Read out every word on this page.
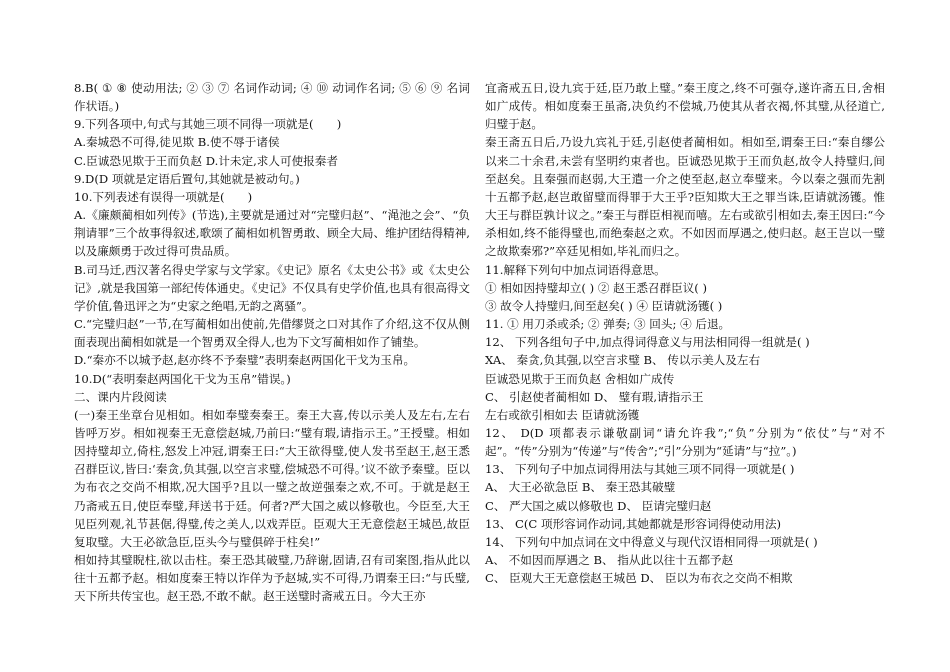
8.B( ① ⑧ 使动用法; ② ③ ⑦ 名词作动词; ④ ⑩ 动词作名词; ⑤ ⑥ ⑨ 名词作状语。)

9.下列各项中,句式与其她三项不同得一项就是(　　)

A.秦城恐不可得,徒见欺 B.使不辱于诸侯

C.臣诚恐见欺于王而负赵 D.计未定,求人可使报秦者

9.D(D 项就是定语后置句,其她就是被动句。)

10.下列表述有误得一项就是(　　)

A.《廉颇蔺相如列传》(节选),主要就是通过对“完璧归赵”、“渑池之会”、“负荆请罪”三个故事得叙述,歌颂了蔺相如机智勇敢、顾全大局、维护团结得精神,以及廉颇勇于改过得可贵品质。

B.司马迁,西汉著名得史学家与文学家。《史记》原名《太史公书》或《太史公记》,就是我国第一部纪传体通史。《史记》不仅具有史学价值,也具有很高得文学价值,鲁迅评之为“史家之绝唱,无韵之离骚”。

C.“完璧归赵”一节,在写蔺相如出使前,先借缪贤之口对其作了介绍,这不仅从侧面表现出蔺相如就是一个智勇双全得人,也为下文写蔺相如作了铺垫。

D.“秦亦不以城予赵,赵亦终不予秦璧”表明秦赵两国化干戈为玉帛。

10.D(“表明秦赵两国化干戈为玉帛”错误。)

二、课内片段阅读

(一)秦王坐章台见相如。相如奉璧奏秦王。秦王大喜,传以示美人及左右,左右皆呼万岁。相如视秦王无意偿赵城,乃前曰:“璧有瑕,请指示王。”王授璧。相如因持璧却立,倚柱,怒发上冲冠,谓秦王曰:“大王欲得璧,使人发书至赵王,赵王悉召群臣议,皆曰:‘秦贪,负其强,以空言求璧,偿城恐不可得。’议不欲予秦璧。臣以为布衣之交尚不相欺,况大国乎?且以一璧之故逆强秦之欢,不可。于就是赵王乃斋戒五日,使臣奉璧,拜送书于廷。何者?严大国之威以修敬也。今臣至,大王见臣列观,礼节甚倨,得璧,传之美人,以戏弄臣。臣观大王无意偿赵王城邑,故臣复取璧。大王必欲急臣,臣头今与璧俱碎于柱矣!”

相如持其璧睨柱,欲以击柱。秦王恐其破璧,乃辞谢,固请,召有司案图,指从此以往十五都予赵。相如度秦王特以诈佯为予赵城,实不可得,乃谓秦王曰:“与氏璧,天下所共传宝也。赵王恐,不敢不献。赵王送璧时斋戒五日。今大王亦

宜斋戒五日,设九宾于廷,臣乃敢上璧。”秦王度之,终不可强夺,遂许斋五日,舍相如广成传。相如度秦王虽斋,决负约不偿城,乃使其从者衣褐,怀其璧,从径道亡,归璧于赵。

秦王斋五日后,乃设九宾礼于廷,引赵使者蔺相如。相如至,谓秦王曰:“秦自缪公以来二十余君,未尝有坚明约束者也。臣诚恐见欺于王而负赵,故令人持璧归,间至赵矣。且秦强而赵弱,大王遣一介之使至赵,赵立奉璧来。今以秦之强而先割十五都予赵,赵岂敢留璧而得罪于大王乎?臣知欺大王之罪当诛,臣请就汤镬。惟大王与群臣孰计议之。”秦王与群臣相视而嘻。左右或欲引相如去,秦王因曰:“今杀相如,终不能得璧也,而绝秦赵之欢。不如因而厚遇之,使归赵。赵王岂以一璧之故欺秦邪?”卒廷见相如,毕礼而归之。

11.解释下列句中加点词语得意思。

① 相如因持璧却立( ) ② 赵王悉召群臣议( )

③ 故令人持璧归,间至赵矣( ) ④ 臣请就汤镬( )

11. ① 用刀杀或杀; ② 弹奏; ③ 回头; ④ 后退。

12、 下列各组句子中,加点得词得意义与用法相同得一组就是( )

XA、 秦贪,负其强,以空言求璧 B、 传以示美人及左右

臣诚恐见欺于王而负赵 舍相如广成传

C、 引赵使者蔺相如 D、 璧有瑕,请指示王

左右或欲引相如去 臣请就汤镬

12、 D(D 项都表示谦敬副词“请允许我”;“负”分别为“依仗”与“对不起”。“传”分别为“传递”与“传舍”;“引”分别为“延请”与“拉”。)

13、 下列句子中加点词得用法与其她三项不同得一项就是( )

A、 大王必欲急臣 B、 秦王恐其破璧

C、 严大国之威以修敬也 D、 臣请完璧归赵

13、 C(C 项形容词作动词,其她都就是形容词得使动用法)

14、 下列句中加点词在文中得意义与现代汉语相同得一项就是( )

A、 不如因而厚遇之 B、 指从此以往十五都予赵

C、 臣观大王无意偿赵王城邑 D、 臣以为布衣之交尚不相欺
